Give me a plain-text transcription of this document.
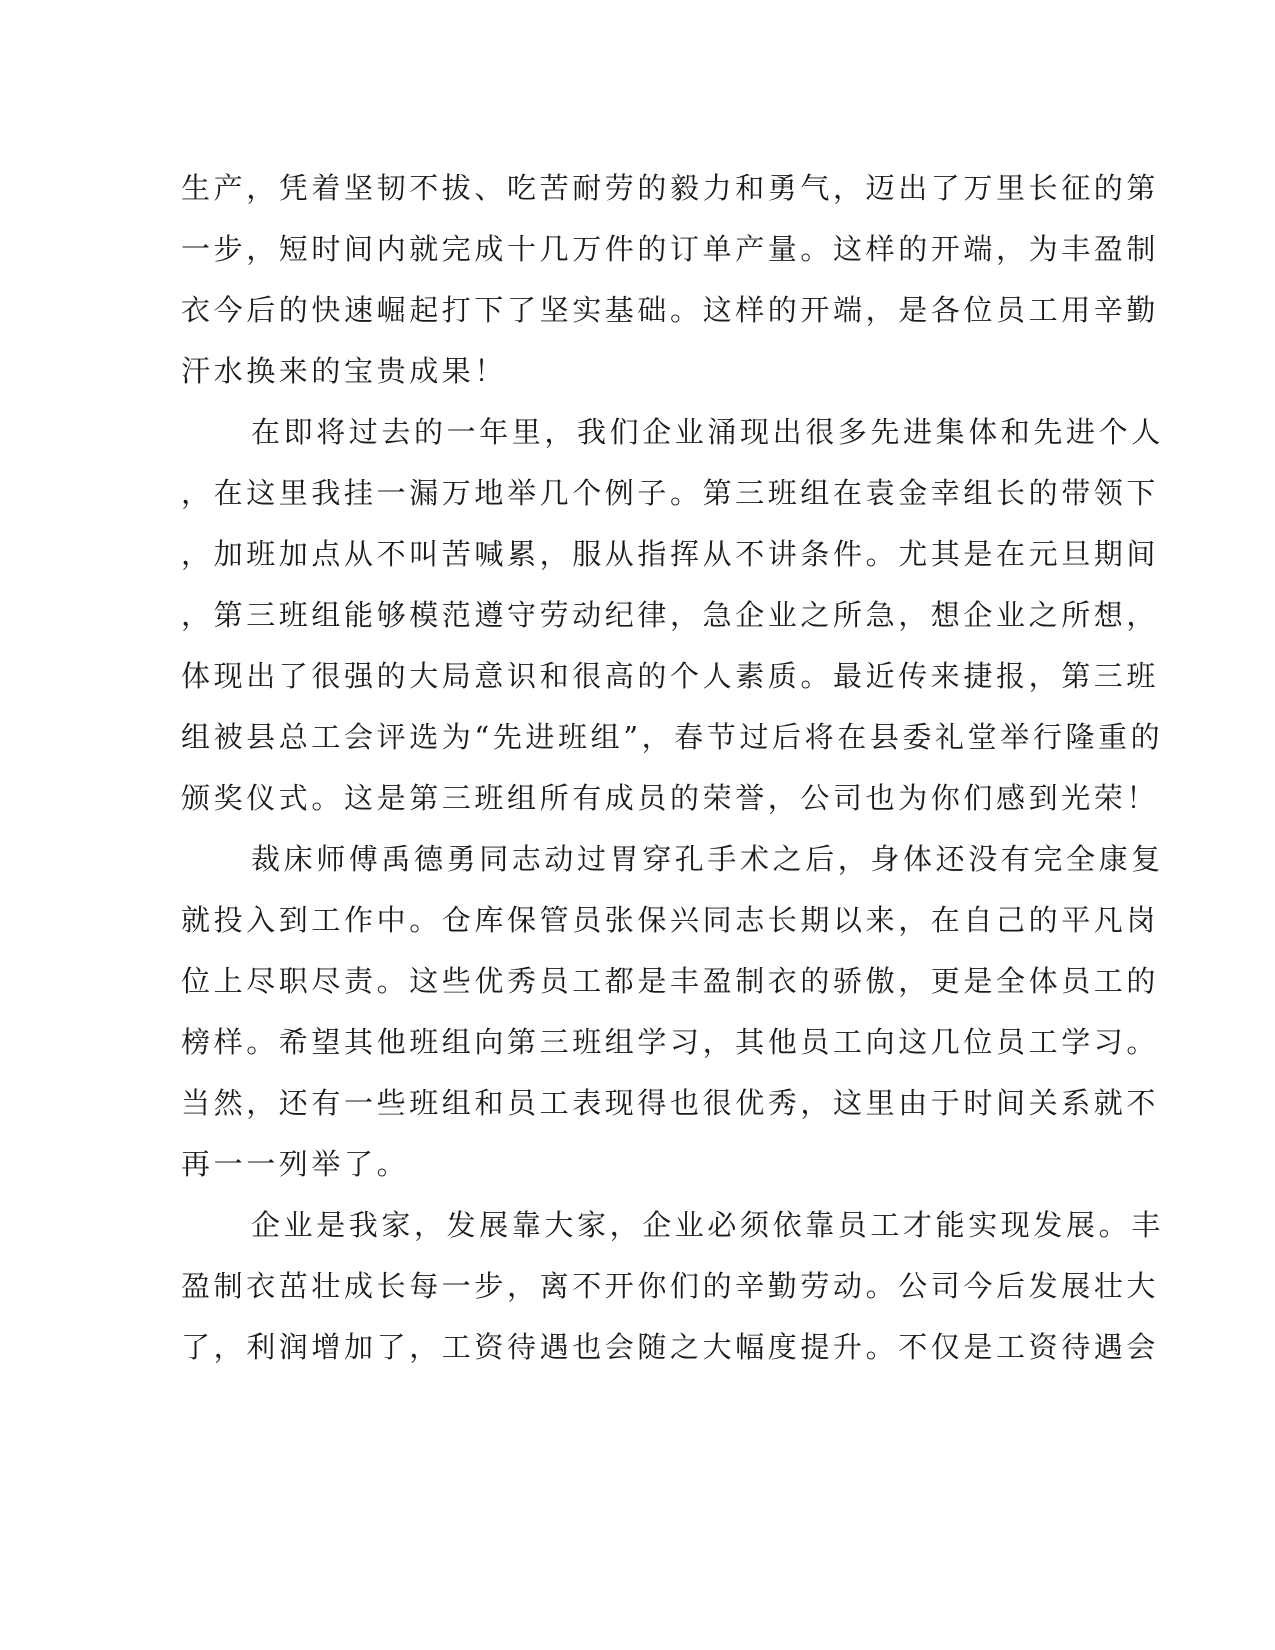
生产，凭着坚韧不拔、吃苦耐劳的毅力和勇气，迈出了万里长征的第
一步，短时间内就完成十几万件的订单产量。这样的开端，为丰盈制
衣今后的快速崛起打下了坚实基础。这样的开端，是各位员工用辛勤
汗水换来的宝贵成果！
在即将过去的一年里，我们企业涌现出很多先进集体和先进个人
，在这里我挂一漏万地举几个例子。第三班组在袁金幸组长的带领下
，加班加点从不叫苦喊累，服从指挥从不讲条件。尤其是在元旦期间
，第三班组能够模范遵守劳动纪律，急企业之所急，想企业之所想，
体现出了很强的大局意识和很高的个人素质。最近传来捷报，第三班
组被县总工会评选为“先进班组”，春节过后将在县委礼堂举行隆重的
颁奖仪式。这是第三班组所有成员的荣誉，公司也为你们感到光荣！
裁床师傅禹德勇同志动过胃穿孔手术之后，身体还没有完全康复
就投入到工作中。仓库保管员张保兴同志长期以来，在自己的平凡岗
位上尽职尽责。这些优秀员工都是丰盈制衣的骄傲，更是全体员工的
榜样。希望其他班组向第三班组学习，其他员工向这几位员工学习。
当然，还有一些班组和员工表现得也很优秀，这里由于时间关系就不
再一一列举了。
企业是我家，发展靠大家，企业必须依靠员工才能实现发展。丰
盈制衣茁壮成长每一步，离不开你们的辛勤劳动。公司今后发展壮大
了，利润增加了，工资待遇也会随之大幅度提升。不仅是工资待遇会
